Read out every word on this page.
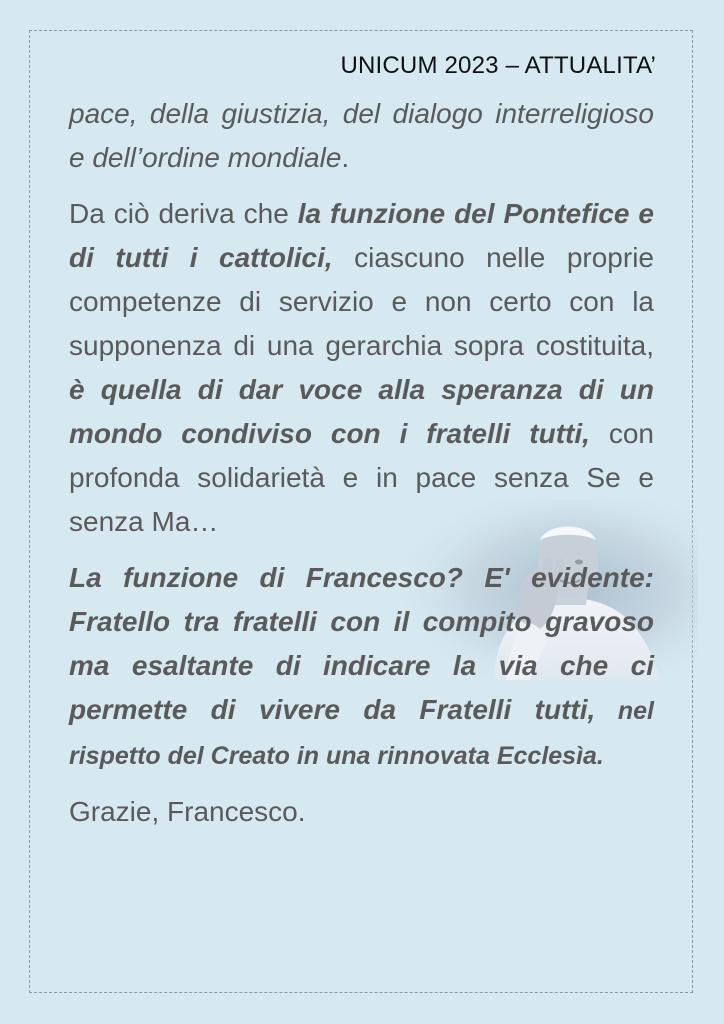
UNICUM 2023 – ATTUALITA’

pace, della giustizia, del dialogo interreligioso e dell’ordine mondiale.

Da ciò deriva che la funzione del Pontefice e di tutti i cattolici, ciascuno nelle proprie competenze di servizio e non certo con la supponenza di una gerarchia sopra costituita, è quella di dar voce alla speranza di un mondo condiviso con i fratelli tutti, con profonda solidarietà e in pace senza Se e senza Ma…

La funzione di Francesco? E' evidente: Fratello tra fratelli con il compito gravoso ma esaltante di indicare la via che ci permette di vivere da Fratelli tutti, nel rispetto del Creato in una rinnovata Ecclesìa.

Grazie, Francesco.
